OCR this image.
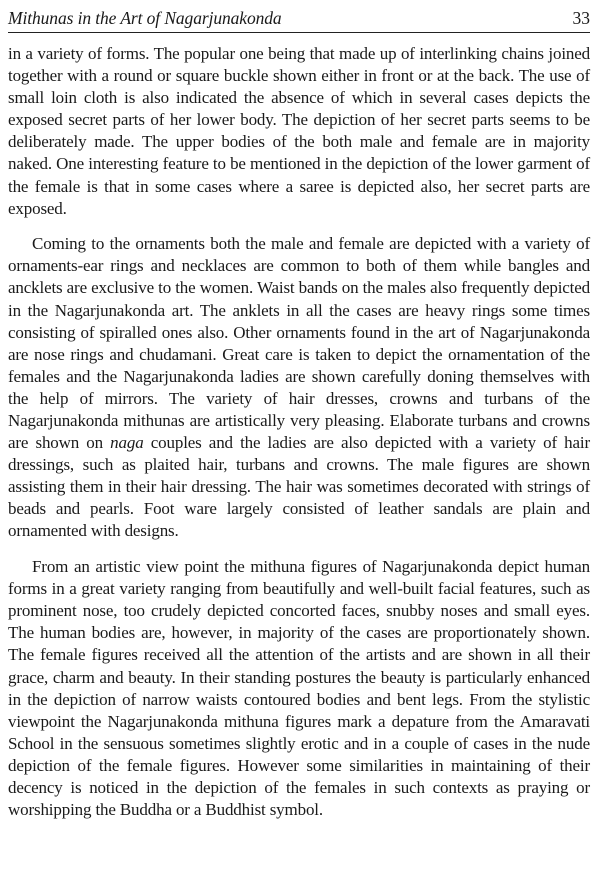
Mithunas in the Art of Nagarjunakonda	33

in a variety of forms. The popular one being that made up of interlinking chains joined together with a round or square buckle shown either in front or at the back. The use of small loin cloth is also indicated the absence of which in several cases depicts the exposed secret parts of her lower body. The depiction of her secret parts seems to be deliberately made. The upper bodies of the both male and female are in majority naked. One interesting feature to be mentioned in the depiction of the lower garment of the female is that in some cases where a saree is depicted also, her secret parts are exposed.

Coming to the ornaments both the male and female are depicted with a variety of ornaments-ear rings and necklaces are common to both of them while bangles and ancklets are exclusive to the women. Waist bands on the males also frequently depicted in the Nagarjunakonda art. The anklets in all the cases are heavy rings some times consisting of spiralled ones also. Other ornaments found in the art of Nagarjunakonda are nose rings and chudamani. Great care is taken to depict the ornamentation of the females and the Nagarjunakonda ladies are shown carefully doning themselves with the help of mirrors. The variety of hair dresses, crowns and turbans of the Nagarjunakonda mithunas are artistically very pleasing. Elaborate turbans and crowns are shown on naga couples and the ladies are also depicted with a variety of hair dressings, such as plaited hair, turbans and crowns. The male figures are shown assisting them in their hair dressing. The hair was sometimes decorated with strings of beads and pearls. Foot ware largely consisted of leather sandals are plain and ornamented with designs.

From an artistic view point the mithuna figures of Nagarjunakonda depict human forms in a great variety ranging from beautifully and well-built facial features, such as prominent nose, too crudely depicted concorted faces, snubby noses and small eyes. The human bodies are, however, in majority of the cases are proportionately shown. The female figures received all the attention of the artists and are shown in all their grace, charm and beauty. In their standing postures the beauty is particularly enhanced in the depiction of narrow waists contoured bodies and bent legs. From the stylistic viewpoint the Nagarjunakonda mithuna figures mark a depature from the Amaravati School in the sensuous sometimes slightly erotic and in a couple of cases in the nude depiction of the female figures. However some similarities in maintaining of their decency is noticed in the depiction of the females in such contexts as praying or worshipping the Buddha or a Buddhist symbol.
